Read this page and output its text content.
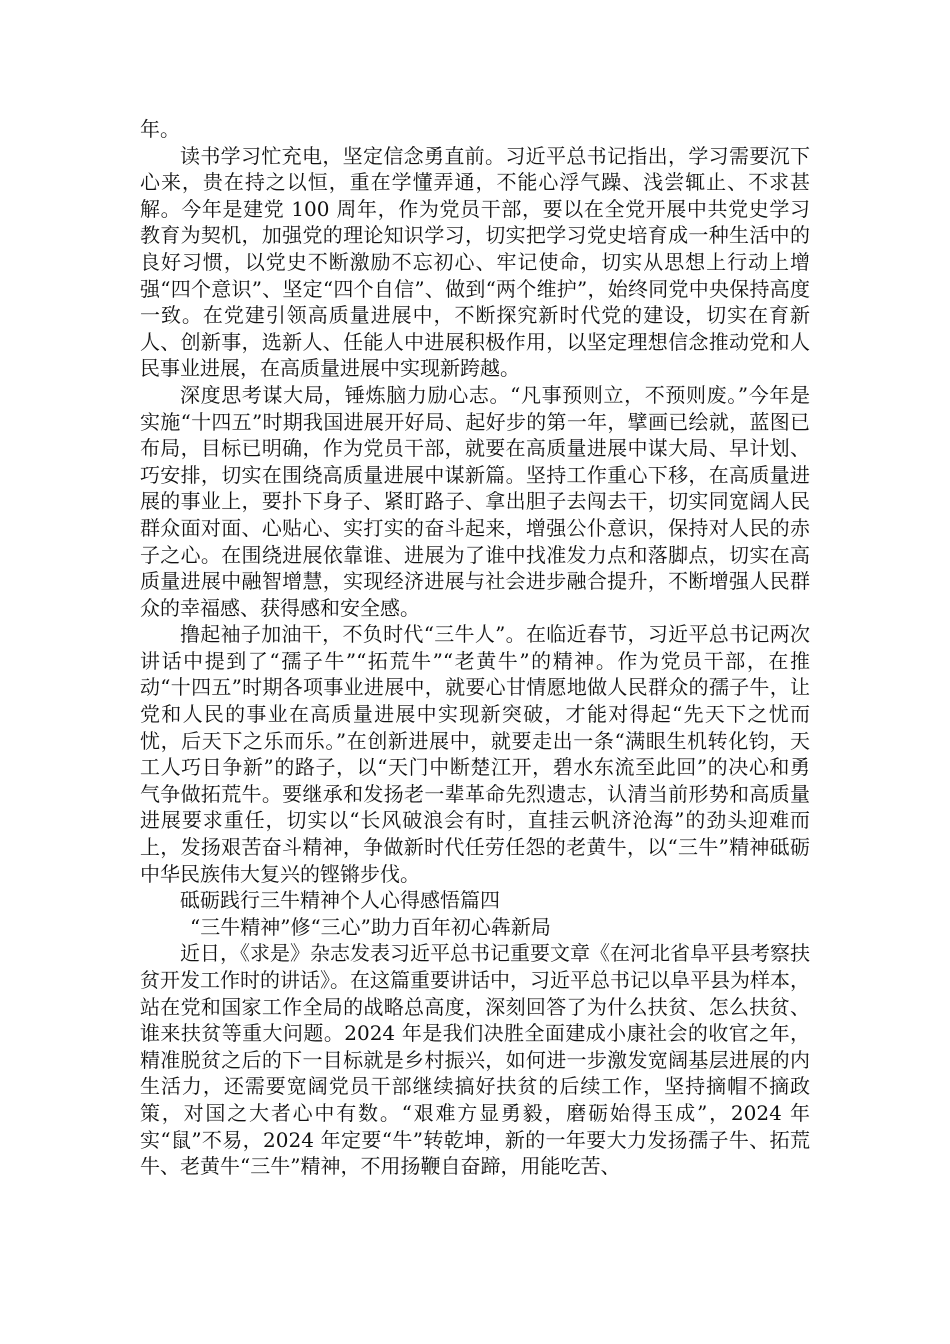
年。

读书学习忙充电，坚定信念勇直前。习近平总书记指出，学习需要沉下心来，贵在持之以恒，重在学懂弄通，不能心浮气躁、浅尝辄止、不求甚解。今年是建党 100 周年，作为党员干部，要以在全党开展中共党史学习教育为契机，加强党的理论知识学习，切实把学习党史培育成一种生活中的良好习惯，以党史不断激励不忘初心、牢记使命，切实从思想上行动上增强“四个意识”、坚定“四个自信”、做到“两个维护”，始终同党中央保持高度一致。在党建引领高质量进展中，不断探究新时代党的建设，切实在育新人、创新事，选新人、任能人中进展积极作用，以坚定理想信念推动党和人民事业进展，在高质量进展中实现新跨越。

深度思考谋大局，锤炼脑力励心志。“凡事预则立，不预则废。”今年是实施“十四五”时期我国进展开好局、起好步的第一年，擘画已绘就，蓝图已布局，目标已明确，作为党员干部，就要在高质量进展中谋大局、早计划、巧安排，切实在围绕高质量进展中谋新篇。坚持工作重心下移，在高质量进展的事业上，要扑下身子、紧盯路子、拿出胆子去闯去干，切实同宽阔人民群众面对面、心贴心、实打实的奋斗起来，增强公仆意识，保持对人民的赤子之心。在围绕进展依靠谁、进展为了谁中找准发力点和落脚点，切实在高质量进展中融智增慧，实现经济进展与社会进步融合提升，不断增强人民群众的幸福感、获得感和安全感。

撸起袖子加油干，不负时代“三牛人”。在临近春节，习近平总书记两次讲话中提到了“孺子牛”“拓荒牛”“老黄牛”的精神。作为党员干部，在推动“十四五”时期各项事业进展中，就要心甘情愿地做人民群众的孺子牛，让党和人民的事业在高质量进展中实现新突破，才能对得起“先天下之忧而忧，后天下之乐而乐。”在创新进展中，就要走出一条“满眼生机转化钧，天工人巧日争新”的路子，以“天门中断楚江开，碧水东流至此回”的决心和勇气争做拓荒牛。要继承和发扬老一辈革命先烈遗志，认清当前形势和高质量进展要求重任，切实以“长风破浪会有时，直挂云帆济沧海”的劲头迎难而上，发扬艰苦奋斗精神，争做新时代任劳任怨的老黄牛，以“三牛”精神砥砺中华民族伟大复兴的铿锵步伐。

砥砺践行三牛精神个人心得感悟篇四

“三牛精神”修“三心”助力百年初心犇新局

近日，《求是》杂志发表习近平总书记重要文章《在河北省阜平县考察扶贫开发工作时的讲话》。在这篇重要讲话中，习近平总书记以阜平县为样本，站在党和国家工作全局的战略总高度，深刻回答了为什么扶贫、怎么扶贫、谁来扶贫等重大问题。2024 年是我们决胜全面建成小康社会的收官之年，精准脱贫之后的下一目标就是乡村振兴，如何进一步激发宽阔基层进展的内生活力，还需要宽阔党员干部继续搞好扶贫的后续工作，坚持摘帽不摘政策，对国之大者心中有数。“艰难方显勇毅，磨砺始得玉成”，2024 年实“鼠”不易，2024 年定要“牛”转乾坤，新的一年要大力发扬孺子牛、拓荒牛、老黄牛“三牛”精神，不用扬鞭自奋蹄，用能吃苦、
